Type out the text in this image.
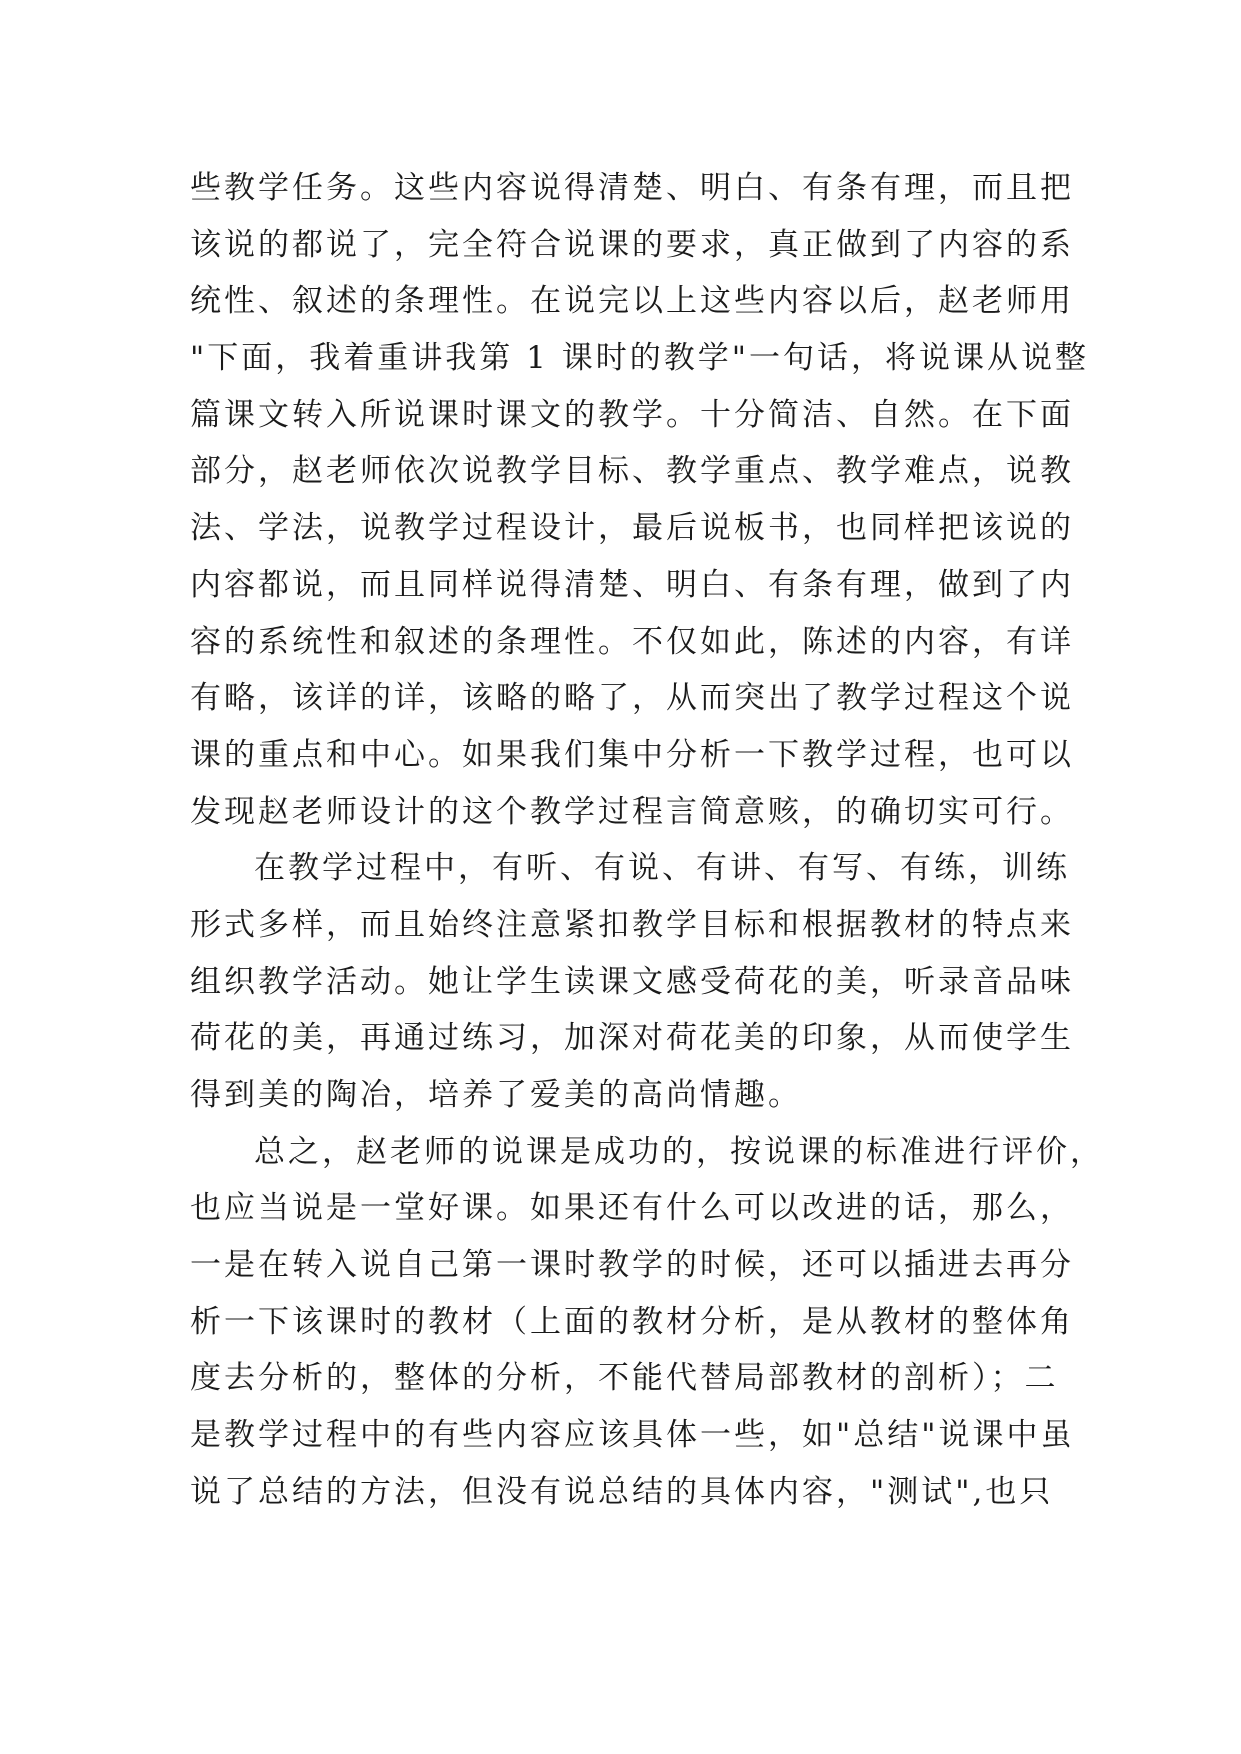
些教学任务。这些内容说得清楚、明白、有条有理，而且把
该说的都说了，完全符合说课的要求，真正做到了内容的系
统性、叙述的条理性。在说完以上这些内容以后，赵老师用
"下面，我着重讲我第 1 课时的教学"一句话，将说课从说整
篇课文转入所说课时课文的教学。十分简洁、自然。在下面
部分，赵老师依次说教学目标、教学重点、教学难点，说教
法、学法，说教学过程设计，最后说板书，也同样把该说的
内容都说，而且同样说得清楚、明白、有条有理，做到了内
容的系统性和叙述的条理性。不仅如此，陈述的内容，有详
有略，该详的详，该略的略了，从而突出了教学过程这个说
课的重点和中心。如果我们集中分析一下教学过程，也可以
发现赵老师设计的这个教学过程言简意赅，的确切实可行。
在教学过程中，有听、有说、有讲、有写、有练，训练
形式多样，而且始终注意紧扣教学目标和根据教材的特点来
组织教学活动。她让学生读课文感受荷花的美，听录音品味
荷花的美，再通过练习，加深对荷花美的印象，从而使学生
得到美的陶冶，培养了爱美的高尚情趣。
总之，赵老师的说课是成功的，按说课的标准进行评价，
也应当说是一堂好课。如果还有什么可以改进的话，那么，
一是在转入说自己第一课时教学的时候，还可以插进去再分
析一下该课时的教材（上面的教材分析，是从教材的整体角
度去分析的，整体的分析，不能代替局部教材的剖析）；二
是教学过程中的有些内容应该具体一些，如"总结"说课中虽
说了总结的方法，但没有说总结的具体内容，"测试",也只
